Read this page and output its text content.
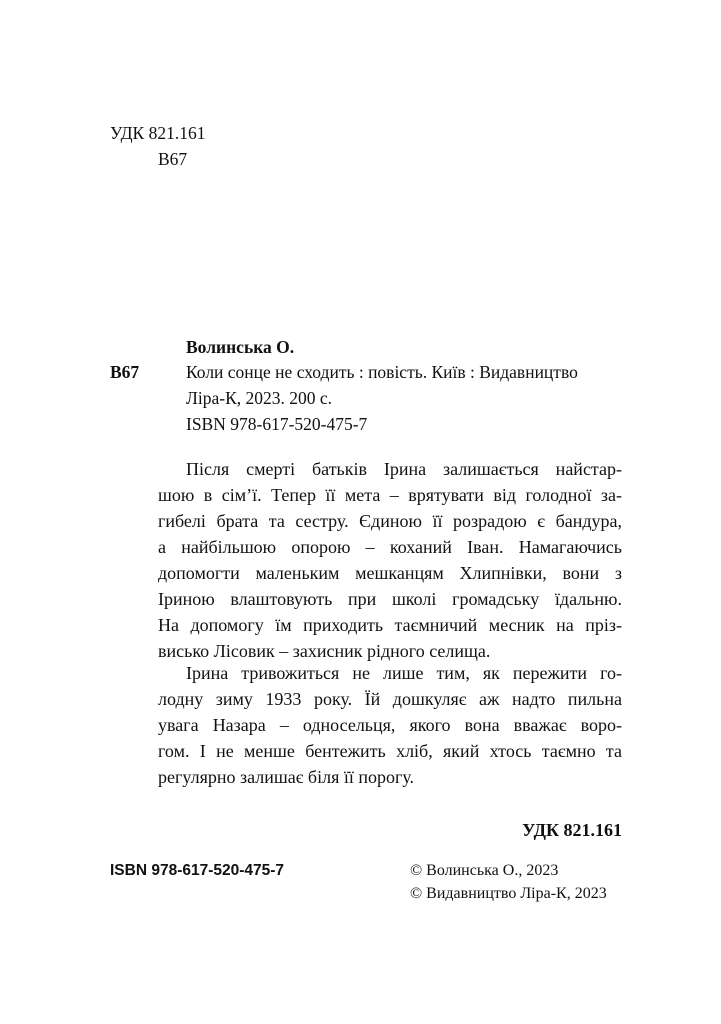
УДК 821.161
В67
Волинська О.
В67	Коли сонце не сходить : повість. Київ : Видавництво
Ліра-К, 2023. 200 с.
ISBN 978-617-520-475-7
Після смерті батьків Ірина залишається найстар-
шою в сім’ї. Тепер її мета – врятувати від голодної за-
гибелі брата та сестру. Єдиною її розрадою є бандура,
а найбільшою опорою – коханий Іван. Намагаючись
допомогти маленьким мешканцям Хлипнівки, вони з
Іриною влаштовують при школі громадську їдальню.
На допомогу їм приходить таємничий месник на пріз-
висько Лісовик – захисник рідного селища.
Ірина тривожиться не лише тим, як пережити го-
лодну зиму 1933 року. Їй дошкуляє аж надто пильна
увага Назара – односельця, якого вона вважає воро-
гом. І не менше бентежить хліб, який хтось таємно та
регулярно залишає біля її порогу.
УДК 821.161
ISBN 978-617-520-475-7	© Волинська О., 2023
© Видавництво Ліра-К, 2023
